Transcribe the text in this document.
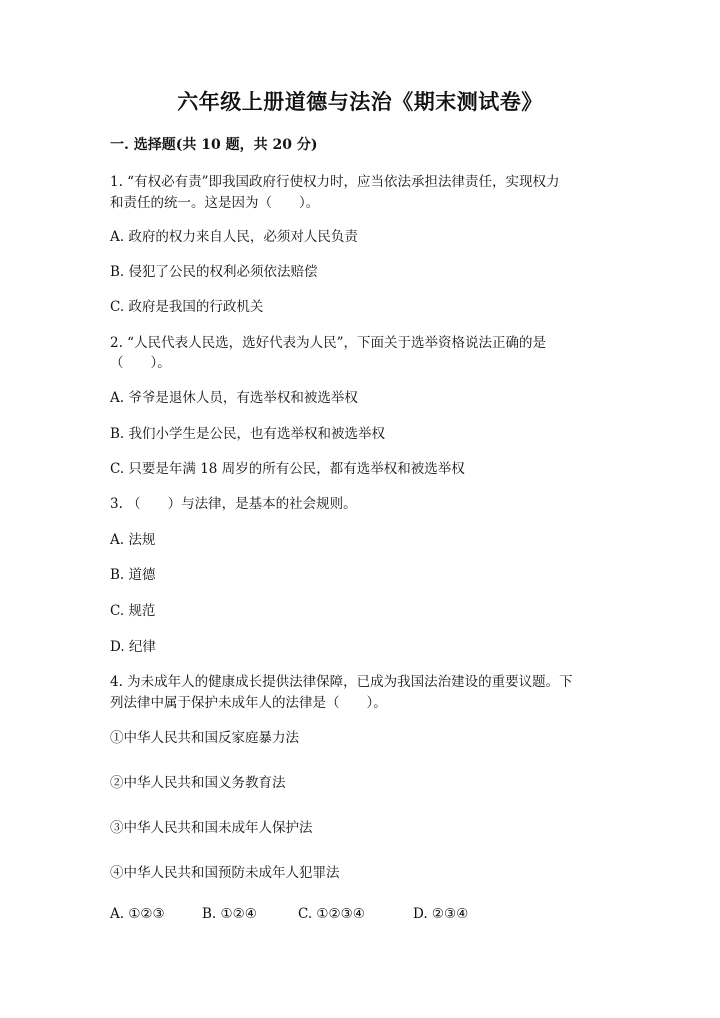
六年级上册道德与法治《期末测试卷》
一. 选择题(共 10 题，共 20 分)
1. “有权必有责”即我国政府行使权力时，应当依法承担法律责任，实现权力
和责任的统一。这是因为（　　）。
A. 政府的权力来自人民，必须对人民负责
B. 侵犯了公民的权利必须依法赔偿
C. 政府是我国的行政机关
2. “人民代表人民选，选好代表为人民”，下面关于选举资格说法正确的是
（　　）。
A. 爷爷是退休人员，有选举权和被选举权
B. 我们小学生是公民，也有选举权和被选举权
C. 只要是年满 18 周岁的所有公民，都有选举权和被选举权
3. （　　）与法律，是基本的社会规则。
A. 法规
B. 道德
C. 规范
D. 纪律
4. 为未成年人的健康成长提供法律保障，已成为我国法治建设的重要议题。下
列法律中属于保护未成年人的法律是（　　）。
①中华人民共和国反家庭暴力法
②中华人民共和国义务教育法
③中华人民共和国未成年人保护法
④中华人民共和国预防未成年人犯罪法
A. ①②③	B. ①②④	C. ①②③④	D. ②③④
